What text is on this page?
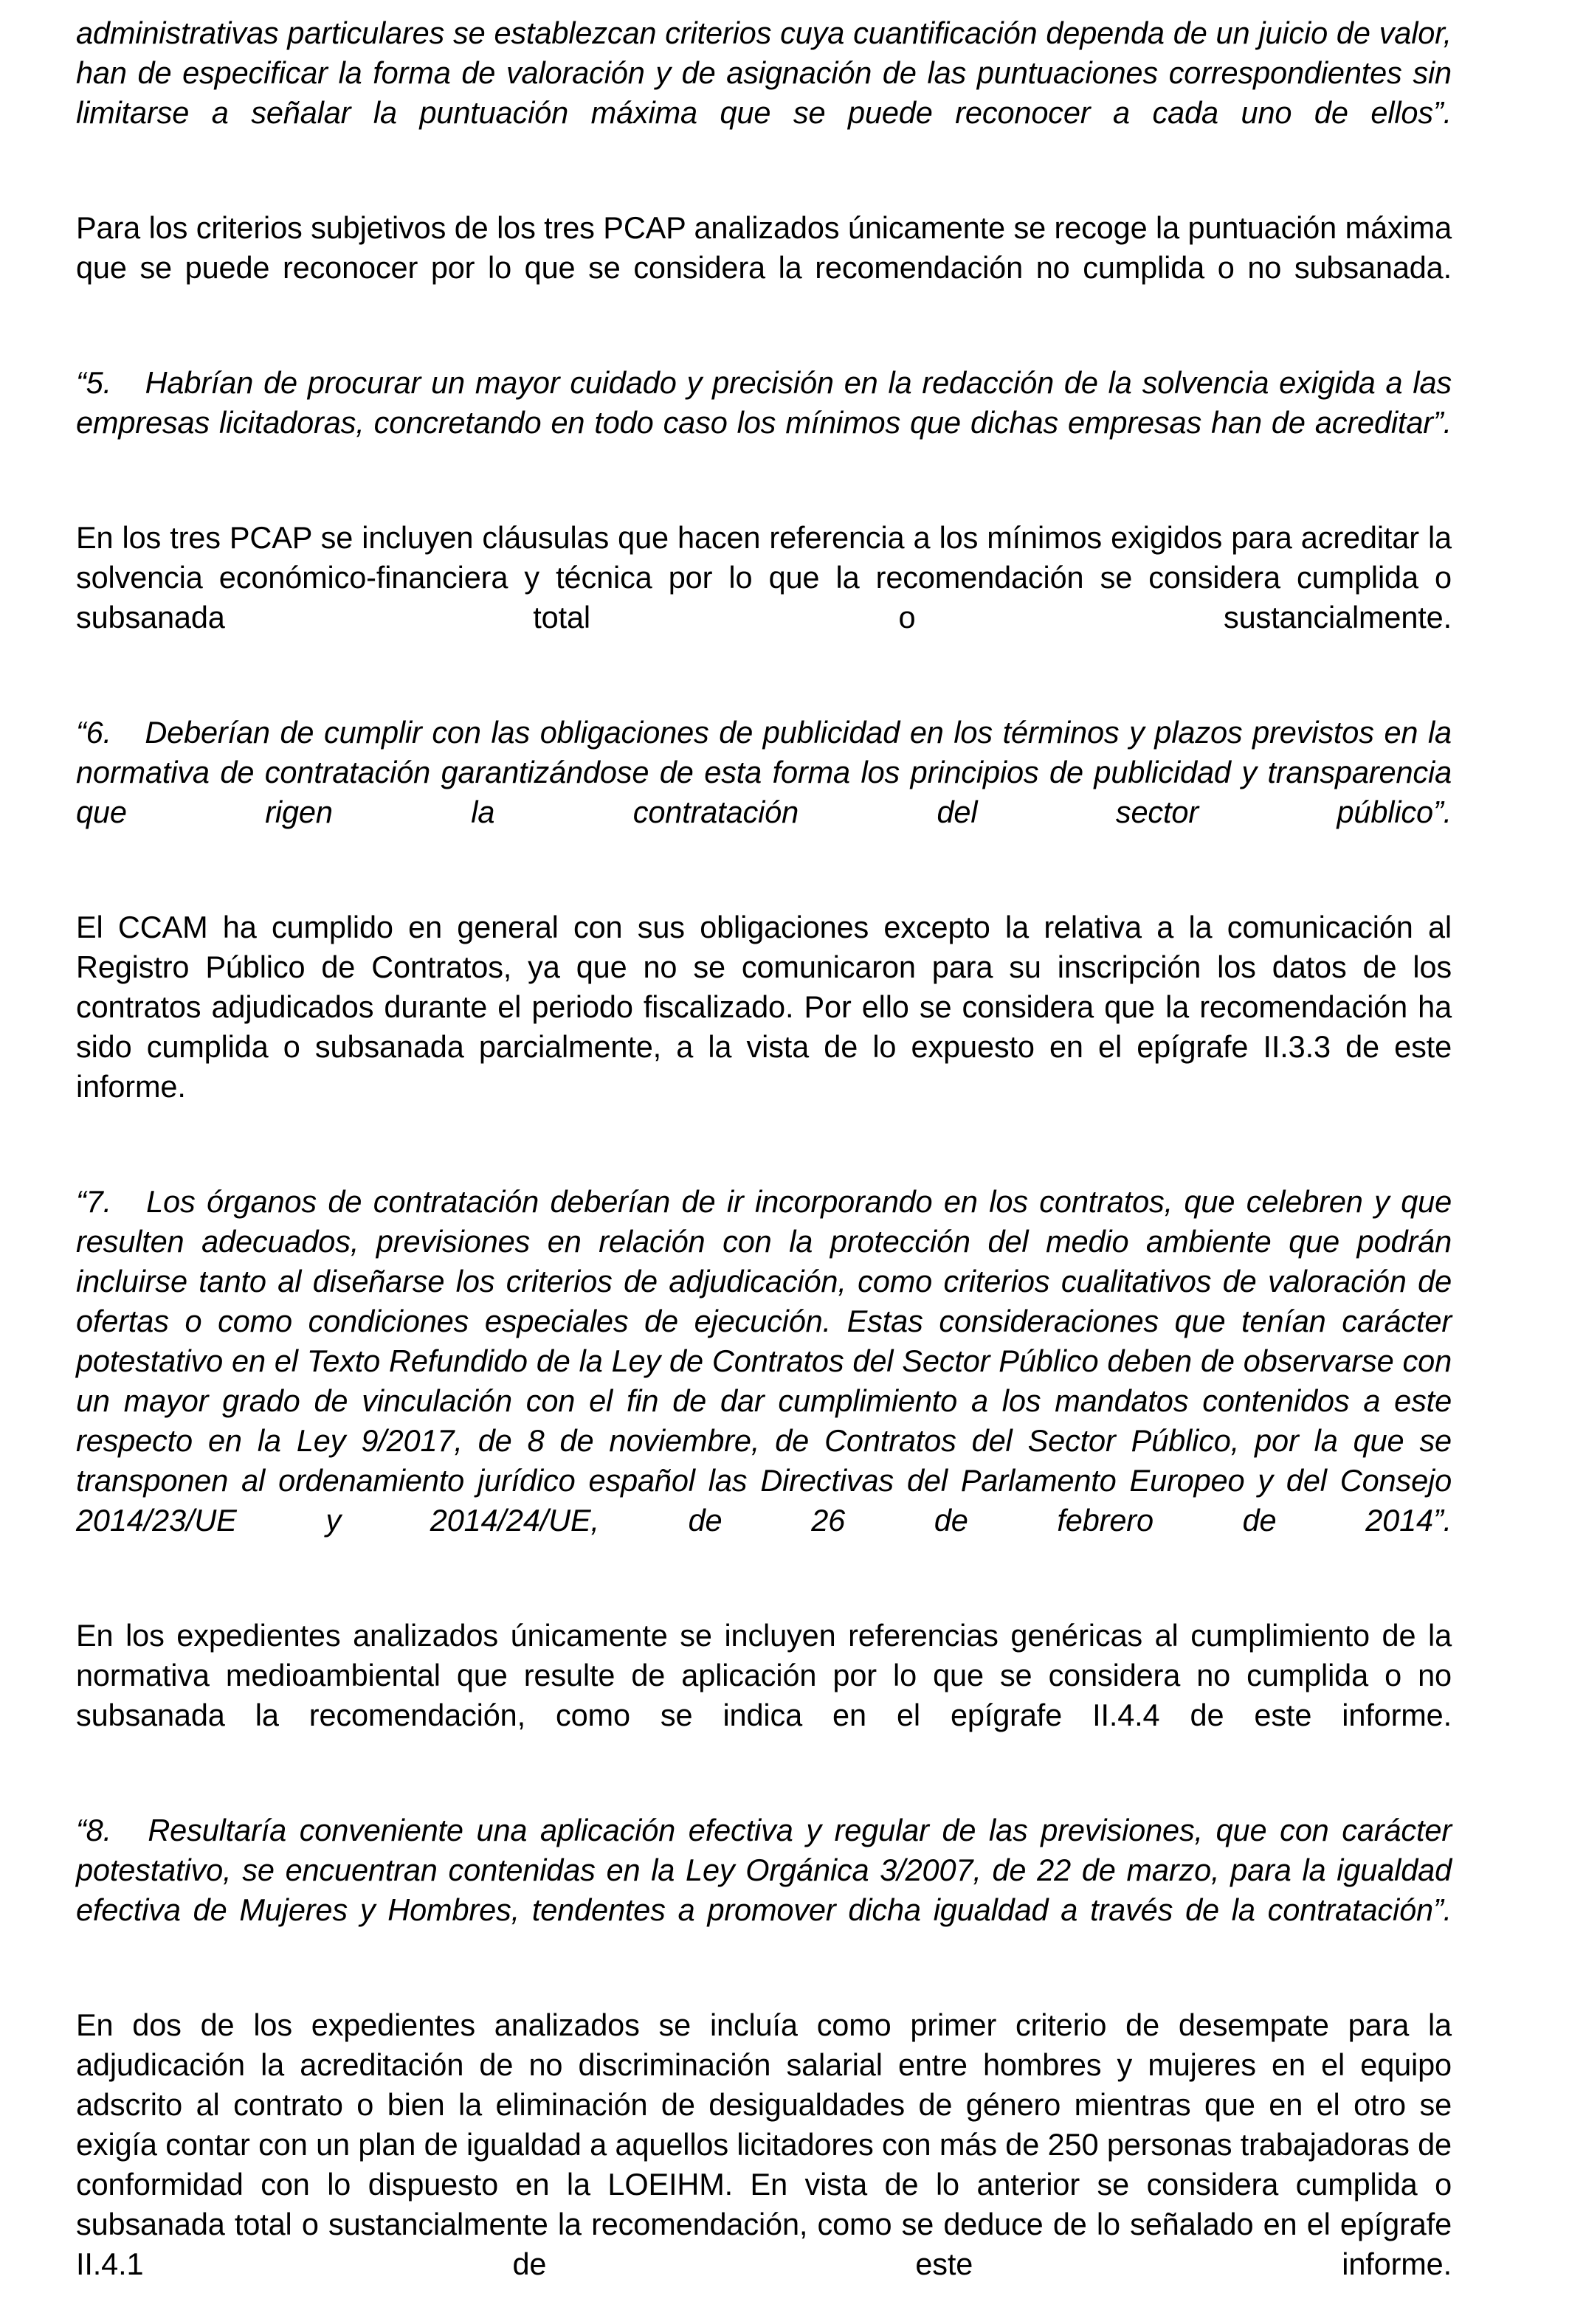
administrativas particulares se establezcan criterios cuya cuantificación dependa de un juicio de valor, han de especificar la forma de valoración y de asignación de las puntuaciones correspondientes sin limitarse a señalar la puntuación máxima que se puede reconocer a cada uno de ellos”.

Para los criterios subjetivos de los tres PCAP analizados únicamente se recoge la puntuación máxima que se puede reconocer por lo que se considera la recomendación no cumplida o no subsanada.

“5.	Habrían de procurar un mayor cuidado y precisión en la redacción de la solvencia exigida a las empresas licitadoras, concretando en todo caso los mínimos que dichas empresas han de acreditar”.

En los tres PCAP se incluyen cláusulas que hacen referencia a los mínimos exigidos para acreditar la solvencia económico-financiera y técnica por lo que la recomendación se considera cumplida o subsanada total o sustancialmente.

“6.	Deberían de cumplir con las obligaciones de publicidad en los términos y plazos previstos en la normativa de contratación garantizándose de esta forma los principios de publicidad y transparencia que rigen la contratación del sector público”.

El CCAM ha cumplido en general con sus obligaciones excepto la relativa a la comunicación al Registro Público de Contratos, ya que no se comunicaron para su inscripción los datos de los contratos adjudicados durante el periodo fiscalizado. Por ello se considera que la recomendación ha sido cumplida o subsanada parcialmente, a la vista de lo expuesto en el epígrafe II.3.3 de este informe.

“7.	Los órganos de contratación deberían de ir incorporando en los contratos, que celebren y que resulten adecuados, previsiones en relación con la protección del medio ambiente que podrán incluirse tanto al diseñarse los criterios de adjudicación, como criterios cualitativos de valoración de ofertas o como condiciones especiales de ejecución. Estas consideraciones que tenían carácter potestativo en el Texto Refundido de la Ley de Contratos del Sector Público deben de observarse con un mayor grado de vinculación con el fin de dar cumplimiento a los mandatos contenidos a este respecto en la Ley 9/2017, de 8 de noviembre, de Contratos del Sector Público, por la que se transponen al ordenamiento jurídico español las Directivas del Parlamento Europeo y del Consejo 2014/23/UE y 2014/24/UE, de 26 de febrero de 2014”.

En los expedientes analizados únicamente se incluyen referencias genéricas al cumplimiento de la normativa medioambiental que resulte de aplicación por lo que se considera no cumplida o no subsanada la recomendación, como se indica en el epígrafe II.4.4 de este informe.

“8.	Resultaría conveniente una aplicación efectiva y regular de las previsiones, que con carácter potestativo, se encuentran contenidas en la Ley Orgánica 3/2007, de 22 de marzo, para la igualdad efectiva de Mujeres y Hombres, tendentes a promover dicha igualdad a través de la contratación”.

En dos de los expedientes analizados se incluía como primer criterio de desempate para la adjudicación la acreditación de no discriminación salarial entre hombres y mujeres en el equipo adscrito al contrato o bien la eliminación de desigualdades de género mientras que en el otro se exigía contar con un plan de igualdad a aquellos licitadores con más de 250 personas trabajadoras de conformidad con lo dispuesto en la LOEIHM. En vista de lo anterior se considera cumplida o subsanada total o sustancialmente la recomendación, como se deduce de lo señalado en el epígrafe II.4.1 de este informe.
